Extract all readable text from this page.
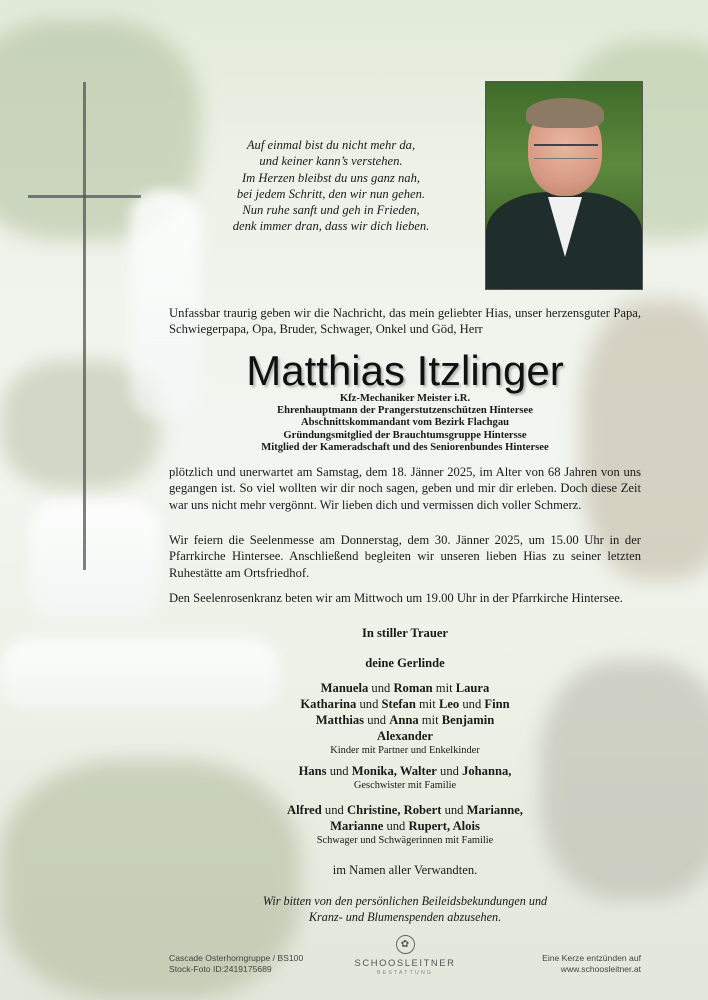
Auf einmal bist du nicht mehr da,
und keiner kann’s verstehen.
Im Herzen bleibst du uns ganz nah,
bei jedem Schritt, den wir nun gehen.
Nun ruhe sanft und geh in Frieden,
denk immer dran, dass wir dich lieben.
Unfassbar traurig geben wir die Nachricht, das mein geliebter Hias, unser herzensguter Papa, Schwiegerpapa, Opa, Bruder, Schwager, Onkel und Göd, Herr
Matthias Itzlinger
Kfz-Mechaniker Meister i.R.
Ehrenhauptmann der Prangerstutzenschützen Hintersee
Abschnittskommandant vom Bezirk Flachgau
Gründungsmitglied der Brauchtumsgruppe Hintersse
Mitglied der Kameradschaft und des Seniorenbundes Hintersee
plötzlich und unerwartet am Samstag, dem 18. Jänner 2025, im Alter von 68 Jahren von uns gegangen ist. So viel wollten wir dir noch sagen, geben und mir dir erleben. Doch diese Zeit war uns nicht mehr vergönnt. Wir lieben dich und vermissen dich voller Schmerz.
Wir feiern die Seelenmesse am Donnerstag, dem 30. Jänner 2025, um 15.00 Uhr in der Pfarrkirche Hintersee. Anschließend begleiten wir unseren lieben Hias zu seiner letzten Ruhestätte am Ortsfriedhof.
Den Seelenrosenkranz beten wir am Mittwoch um 19.00 Uhr in der Pfarrkirche Hintersee.
In stiller Trauer
deine Gerlinde
Manuela und Roman mit Laura
Katharina und Stefan mit Leo und Finn
Matthias und Anna mit Benjamin
Alexander
Kinder mit Partner und Enkelkinder
Hans und Monika, Walter und Johanna,
Geschwister mit Familie
Alfred und Christine, Robert und Marianne,
Marianne und Rupert, Alois
Schwager und Schwägerinnen mit Familie
im Namen aller Verwandten.
Wir bitten von den persönlichen Beileidsbekundungen und
Kranz- und Blumenspenden abzusehen.
Cascade Osterhorngruppe / BS100
Stock-Foto ID:2419175689
✿
SCHOOSLEITNER
BESTATTUNG
Eine Kerze entzünden auf
www.schoosleitner.at
